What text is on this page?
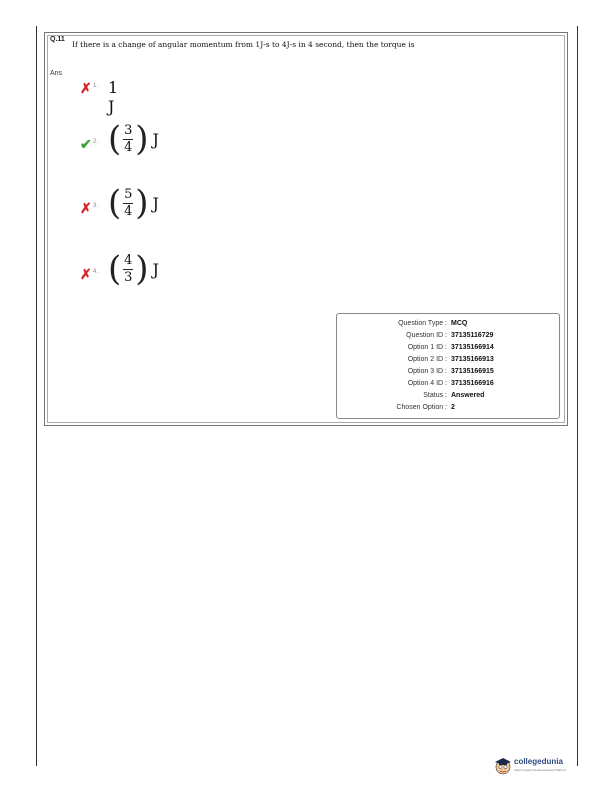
Q.11
If there is a change of angular momentum from 1J-s to 4J-s in 4 second, then the torque is
Ans
✗ 1. 1 J
✔ 2. ( $\frac{3}{4}$ ) J
✗ 3. ( $\frac{5}{4}$ ) J
✗ 4. ( $\frac{4}{3}$ ) J
Question Type : MCQ
Question ID : 37135116729
Option 1 ID : 37135166914
Option 2 ID : 37135166913
Option 3 ID : 37135166915
Option 4 ID : 37135166916
Status : Answered
Chosen Option : 2
collegedunia
India's largest Student Review Platform
